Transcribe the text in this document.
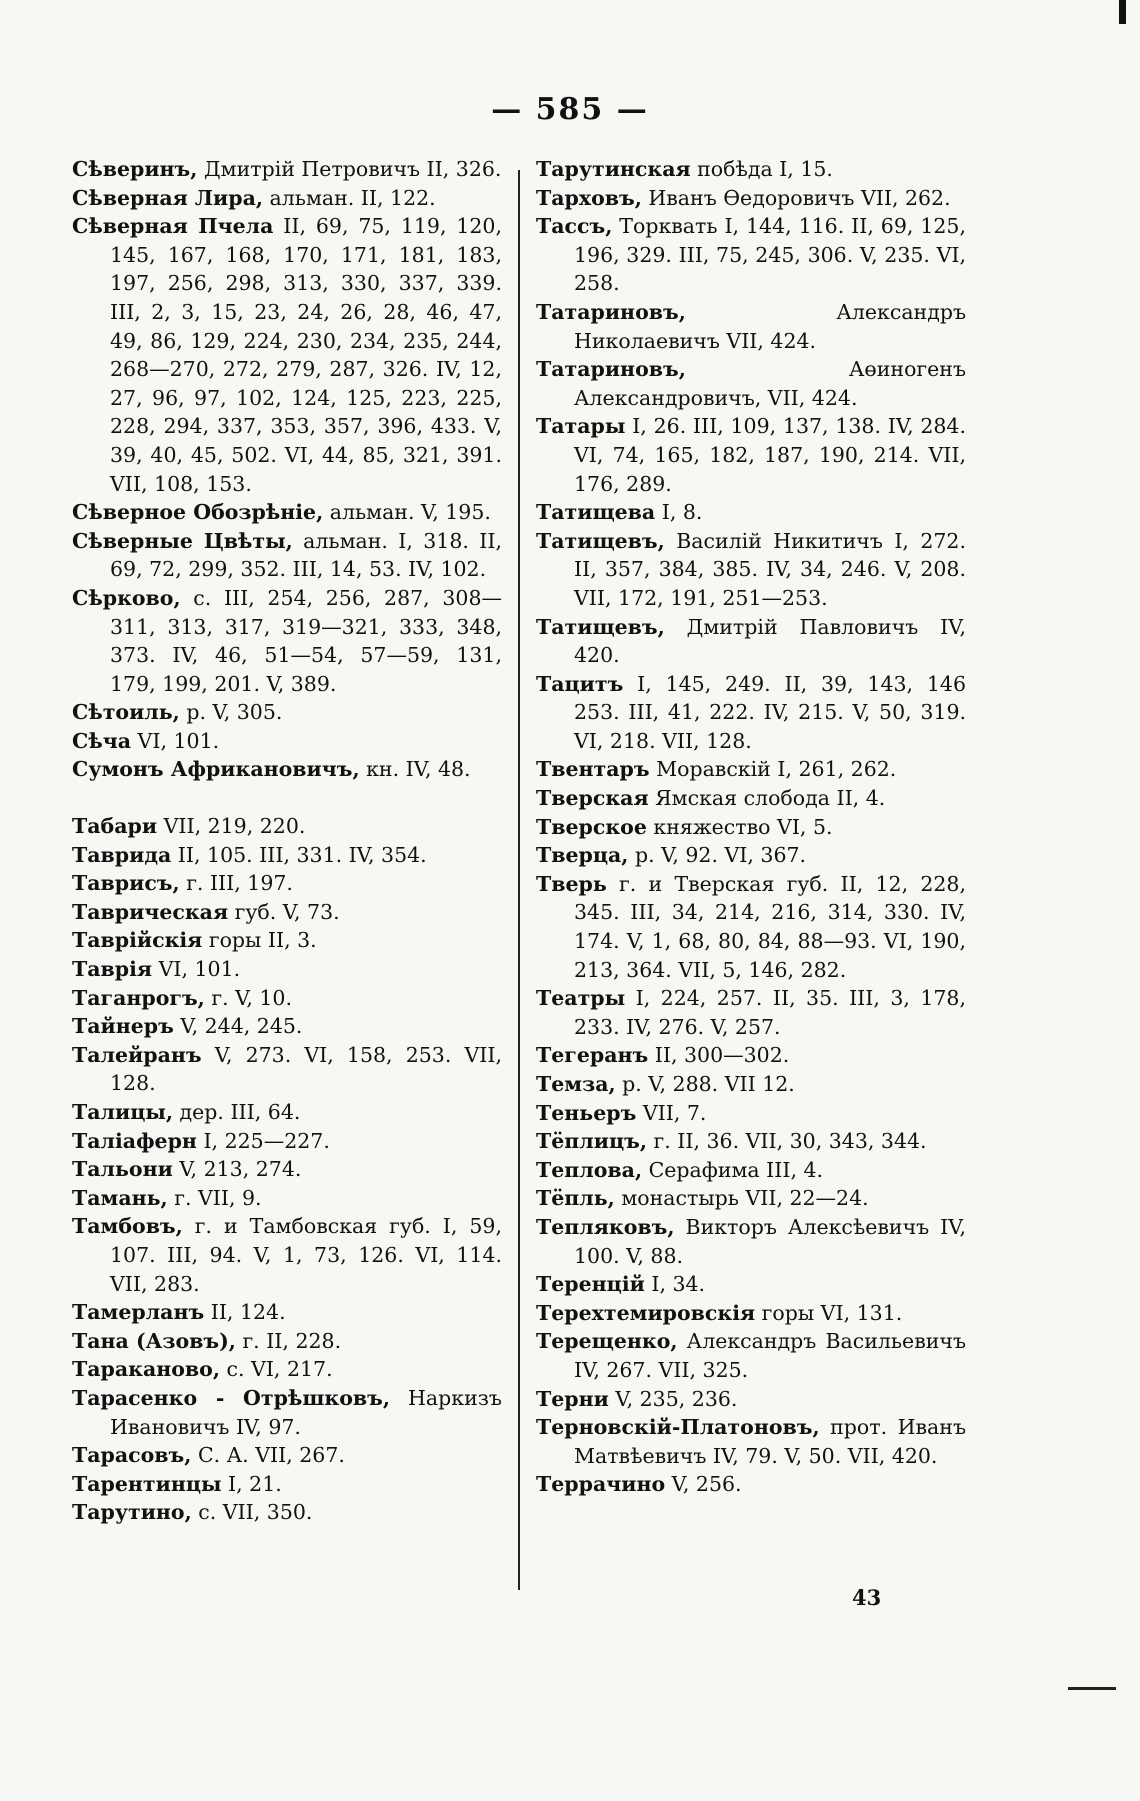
— 585 —
Сѣверинъ, Дмитрій Петровичъ II, 326.
Сѣверная Лира, альман. II, 122.
Сѣверная Пчела II, 69, 75, 119, 120, 145, 167, 168, 170, 171, 181, 183, 197, 256, 298, 313, 330, 337, 339. III, 2, 3, 15, 23, 24, 26, 28, 46, 47, 49, 86, 129, 224, 230, 234, 235, 244, 268—270, 272, 279, 287, 326. IV, 12, 27, 96, 97, 102, 124, 125, 223, 225, 228, 294, 337, 353, 357, 396, 433. V, 39, 40, 45, 502. VI, 44, 85, 321, 391. VII, 108, 153.
Сѣверное Обозрѣніе, альман. V, 195.
Сѣверные Цвѣты, альман. I, 318. II, 69, 72, 299, 352. III, 14, 53. IV, 102.
Сѣрково, с. III, 254, 256, 287, 308—311, 313, 317, 319—321, 333, 348, 373. IV, 46, 51—54, 57—59, 131, 179, 199, 201. V, 389.
Сѣтоиль, р. V, 305.
Сѣча VI, 101.
Сумонъ Африкановичъ, кн. IV, 48.
Табари VII, 219, 220.
Таврида II, 105. III, 331. IV, 354.
Таврисъ, г. III, 197.
Таврическая губ. V, 73.
Таврійскія горы II, 3.
Таврія VI, 101.
Таганрогъ, г. V, 10.
Тайнеръ V, 244, 245.
Талейранъ V, 273. VI, 158, 253. VII, 128.
Талицы, дер. III, 64.
Таліаферн I, 225—227.
Тальони V, 213, 274.
Тамань, г. VII, 9.
Тамбовъ, г. и Тамбовская губ. I, 59, 107. III, 94. V, 1, 73, 126. VI, 114. VII, 283.
Тамерланъ II, 124.
Тана (Азовъ), г. II, 228.
Тараканово, с. VI, 217.
Тарасенко - Отрѣшковъ, Наркизъ Ивановичъ IV, 97.
Тарасовъ, С. А. VII, 267.
Тарентинцы I, 21.
Тарутино, с. VII, 350.
Тарутинская побѣда I, 15.
Тарховъ, Иванъ Өедоровичъ VII, 262.
Тассъ, Торквать I, 144, 116. II, 69, 125, 196, 329. III, 75, 245, 306. V, 235. VI, 258.
Татариновъ, Александръ Николаевичъ VII, 424.
Татариновъ, Аөиногенъ Александровичъ, VII, 424.
Татары I, 26. III, 109, 137, 138. IV, 284. VI, 74, 165, 182, 187, 190, 214. VII, 176, 289.
Татищева I, 8.
Татищевъ, Василій Никитичъ I, 272. II, 357, 384, 385. IV, 34, 246. V, 208. VII, 172, 191, 251—253.
Татищевъ, Дмитрій Павловичъ IV, 420.
Тацитъ I, 145, 249. II, 39, 143, 146 253. III, 41, 222. IV, 215. V, 50, 319. VI, 218. VII, 128.
Твентаръ Моравскій I, 261, 262.
Тверская Ямская слобода II, 4.
Тверское княжество VI, 5.
Тверца, р. V, 92. VI, 367.
Тверь г. и Тверская губ. II, 12, 228, 345. III, 34, 214, 216, 314, 330. IV, 174. V, 1, 68, 80, 84, 88—93. VI, 190, 213, 364. VII, 5, 146, 282.
Театры I, 224, 257. II, 35. III, 3, 178, 233. IV, 276. V, 257.
Тегеранъ II, 300—302.
Темза, р. V, 288. VII 12.
Теньеръ VII, 7.
Тёплицъ, г. II, 36. VII, 30, 343, 344.
Теплова, Серафима III, 4.
Тёпль, монастырь VII, 22—24.
Тепляковъ, Викторъ Алексѣевичъ IV, 100. V, 88.
Теренцій I, 34.
Терехтемировскія горы VI, 131.
Терещенко, Александръ Васильевичъ IV, 267. VII, 325.
Терни V, 235, 236.
Терновскій-Платоновъ, прот. Иванъ Матвѣевичъ IV, 79. V, 50. VII, 420.
Террачино V, 256.
43
